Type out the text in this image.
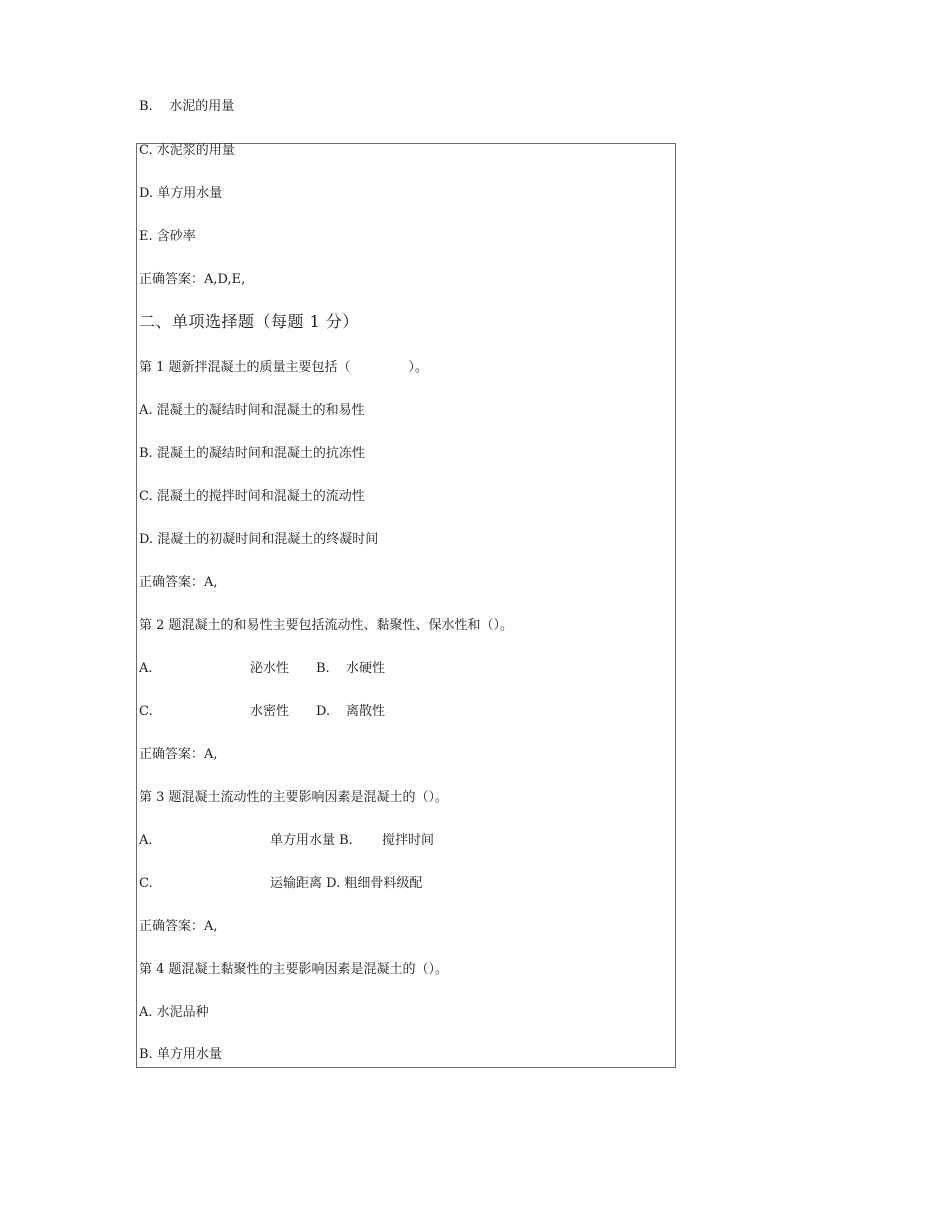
B.    水泥的用量
C. 水泥浆的用量
D. 单方用水量
E. 含砂率
正确答案：A,D,E,
二、单项选择题（每题 1 分）
第 1 题新拌混凝土的质量主要包括（              ）。
A. 混凝土的凝结时间和混凝土的和易性
B. 混凝土的凝结时间和混凝土的抗冻性
C. 混凝土的搅拌时间和混凝土的流动性
D. 混凝土的初凝时间和混凝土的终凝时间
正确答案：A,
第 2 题混凝土的和易性主要包括流动性、黏聚性、保水性和（）。

A.

	泌水性

B.

水硬性

C.

	水密性

D.

离散性

正确答案：A,
第 3 题混凝土流动性的主要影响因素是混凝土的（）。

A.

	单方用水量 B.

搅拌时间

C.

	运输距离 D. 粗细骨料级配

正确答案：A,
第 4 题混凝土黏聚性的主要影响因素是混凝土的（）。
A. 水泥品种
B. 单方用水量
